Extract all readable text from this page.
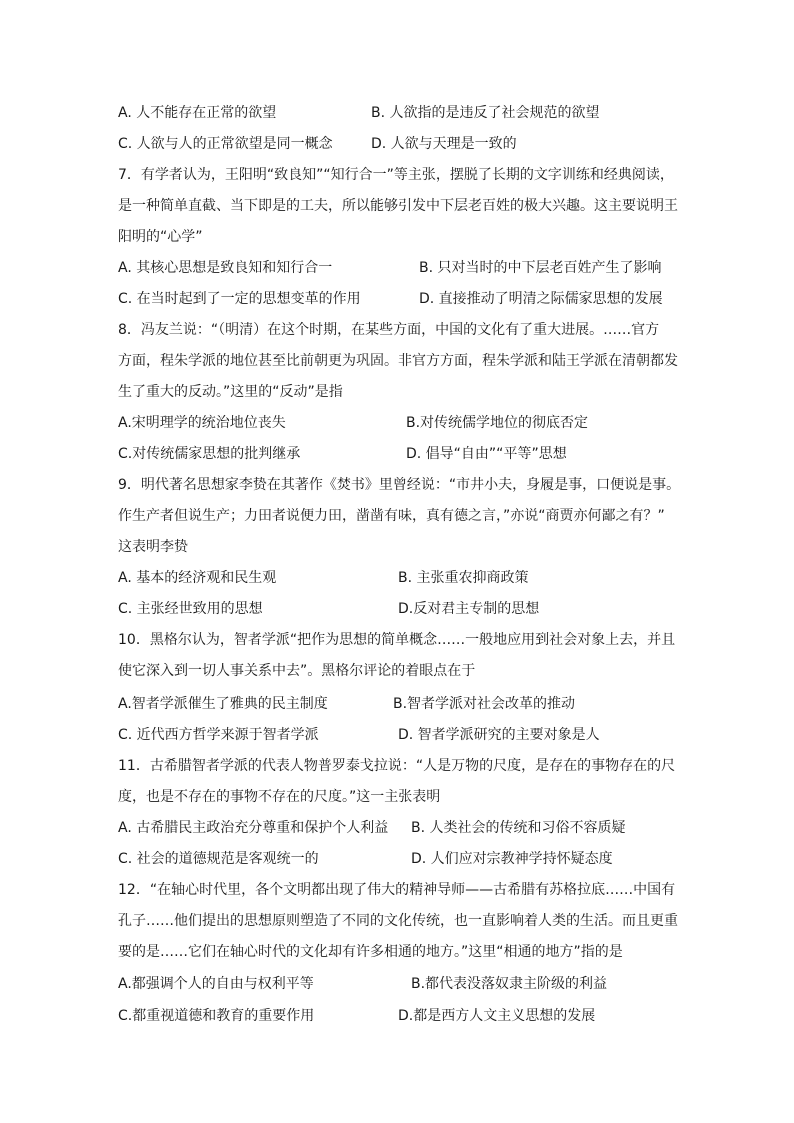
A. 人不能存在正常的欲望	B. 人欲指的是违反了社会规范的欲望
C. 人欲与人的正常欲望是同一概念	D. 人欲与天理是一致的
7．有学者认为，王阳明“致良知”“知行合一”等主张，摆脱了长期的文字训练和经典阅读，
是一种简单直截、当下即是的工夫，所以能够引发中下层老百姓的极大兴趣。这主要说明王
阳明的“心学”
A. 其核心思想是致良知和知行合一	B. 只对当时的中下层老百姓产生了影响
C. 在当时起到了一定的思想变革的作用	D. 直接推动了明清之际儒家思想的发展
8．冯友兰说：“（明清）在这个时期，在某些方面，中国的文化有了重大进展。……官方
方面，程朱学派的地位甚至比前朝更为巩固。非官方方面，程朱学派和陆王学派在清朝都发
生了重大的反动。”这里的“反动”是指
A.宋明理学的统治地位丧失	B.对传统儒学地位的彻底否定
C.对传统儒家思想的批判继承	D. 倡导“自由”“平等”思想
9．明代著名思想家李贽在其著作《焚书》里曾经说：“市井小夫，身履是事，口便说是事。
作生产者但说生产；力田者说便力田，凿凿有味，真有德之言，”亦说“商贾亦何鄙之有？”
这表明李贽
A. 基本的经济观和民生观	B. 主张重农抑商政策
C. 主张经世致用的思想	D.反对君主专制的思想
10．黑格尔认为，智者学派“把作为思想的简单概念……一般地应用到社会对象上去，并且
使它深入到一切人事关系中去”。黑格尔评论的着眼点在于
A.智者学派催生了雅典的民主制度	B.智者学派对社会改革的推动
C. 近代西方哲学来源于智者学派	D. 智者学派研究的主要对象是人
11．古希腊智者学派的代表人物普罗泰戈拉说：“人是万物的尺度，是存在的事物存在的尺
度，也是不存在的事物不存在的尺度。”这一主张表明
A. 古希腊民主政治充分尊重和保护个人利益 B. 人类社会的传统和习俗不容质疑
C. 社会的道德规范是客观统一的	D. 人们应对宗教神学持怀疑态度
12．“在轴心时代里，各个文明都出现了伟大的精神导师——古希腊有苏格拉底……中国有
孔子……他们提出的思想原则塑造了不同的文化传统，也一直影响着人类的生活。而且更重
要的是……它们在轴心时代的文化却有许多相通的地方。”这里“相通的地方”指的是
A.都强调个人的自由与权利平等	B.都代表没落奴隶主阶级的利益
C.都重视道德和教育的重要作用	D.都是西方人文主义思想的发展
